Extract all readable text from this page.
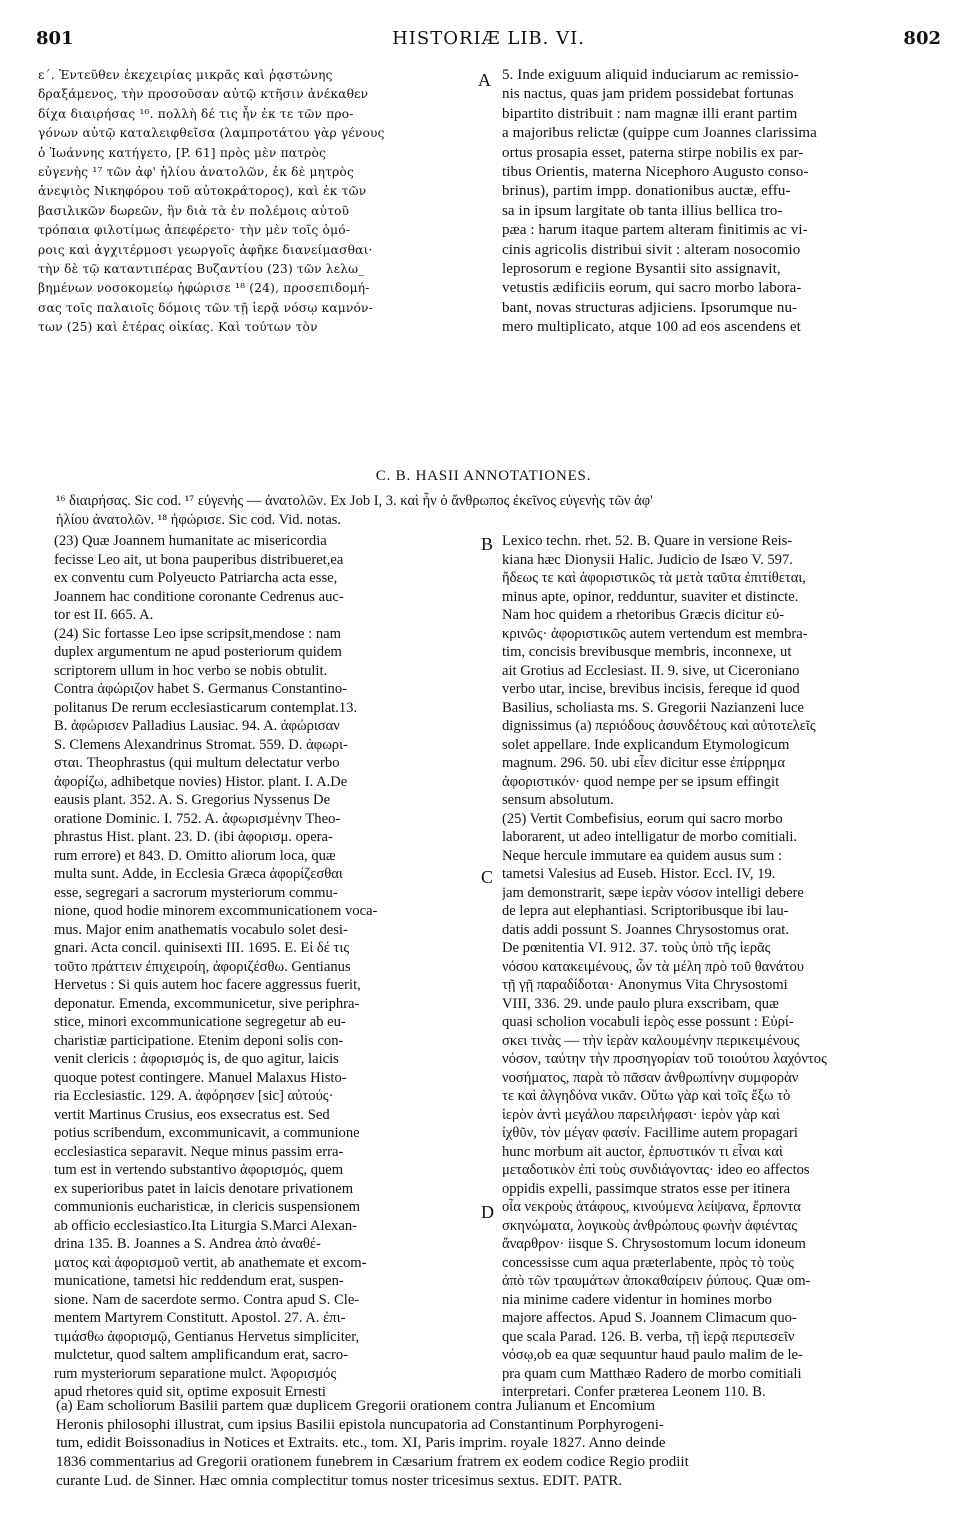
801	HISTORIÆ LIB. VI.	802
ε΄. Ἐντεῦθεν ἐκεχειρίας μικρᾶς καὶ ῥᾳστώνης
δραξάμενος, τὴν προσοῦσαν αὐτῷ κτῆσιν ἀνέκαθεν
δίχα διαιρήσας ¹⁶. πολλὴ δέ τις ἦν ἐκ τε τῶν προ-
γόνων αὐτῷ καταλειφθεῖσα (λαμπροτάτου γὰρ γένους
ὁ Ἰωάννης κατήγετο, [P. 61] πρὸς μὲν πατρὸς
εὐγενὴς ¹⁷ τῶν ἀφ' ἡλίου ἀνατολῶν, ἐκ δὲ μητρὸς
ἀνεψιὸς Νικηφόρου τοῦ αὐτοκράτορος), καὶ ἐκ τῶν
βασιλικῶν δωρεῶν, ἣν διὰ τὰ ἐν πολέμοις αὐτοῦ
τρόπαια φιλοτίμως ἀπεφέρετο· τὴν μὲν τοῖς ὁμό-
ροις καὶ ἀγχιτέρμοσι γεωργοῖς ἀφῆκε διανείμασθαι·
τὴν δὲ τῷ καταντιπέρας Βυζαντίου (23) τῶν λελω_
βημένων νοσοκομείῳ ἠφώρισε ¹⁸ (24), προσεπιδομή-
σας τοῖς παλαιοῖς δόμοις τῶν τῇ ἱερᾷ νόσῳ καμνόν-
των (25) καὶ ἑτέρας οἰκίας. Καὶ τούτων τὸν
5. Inde exiguum aliquid induciarum ac remissio-
nis nactus, quas jam pridem possidebat fortunas
bipartito distribuit : nam magnæ illi erant partim
a majoribus relictæ (quippe cum Joannes clarissima
ortus prosapia esset, paterna stirpe nobilis ex par-
tibus Orientis, materna Nicephoro Augusto conso-
brinus), partim impp. donationibus auctæ, effu-
sa in ipsum largitate ob tanta illius bellica tro-
pæa : harum itaque partem alteram finitimis ac vi-
cinis agricolis distribui sivit : alteram nosocomio
leprosorum e regione Bysantii sito assignavit,
vetustis ædificiis eorum, qui sacro morbo labora-
bant, novas structuras adjiciens. Ipsorumque nu-
mero multiplicato, atque 100 ad eos ascendens et
A
C. B. HASII ANNOTATIONES.
¹⁶ διαιρήσας. Sic cod. ¹⁷ εὐγενὴς — ἀνατολῶν. Ex Job I, 3. καὶ ἦν ὁ ἄνθρωπος ἐκεῖνος εὐγενὴς τῶν ἀφ'
ἡλίου ἀνατολῶν. ¹⁸ ἠφώρισε. Sic cod. Vid. notas.
(23) Quæ Joannem humanitate ac misericordia
fecisse Leo ait, ut bona pauperibus distribueret,ea
ex conventu cum Polyeucto Patriarcha acta esse,
Joannem hac conditione coronante Cedrenus auc-
tor est II. 665. A.
(24) Sic fortasse Leo ipse scripsit,mendose : nam
duplex argumentum ne apud posteriorum quidem
scriptorem ullum in hoc verbo se nobis obtulit.
Contra ἀφώριζον habet S. Germanus Constantino-
politanus De rerum ecclesiasticarum contemplat.13.
B. ἀφώρισεν Palladius Lausiac. 94. A. ἀφώρισαν
S. Clemens Alexandrinus Stromat. 559. D. ἀφωρι-
σται. Theophrastus (qui multum delectatur verbo
ἀφορίζω, adhibetque novies) Histor. plant. I. A.De
eausis plant. 352. A. S. Gregorius Nyssenus De
oratione Dominic. I. 752. A. ἀφωρισμένην Theo-
phrastus Hist. plant. 23. D. (ibi ἀφορισμ. opera-
rum errore) et 843. D. Omitto aliorum loca, quæ
multa sunt. Adde, in Ecclesia Græca ἀφορίζεσθαι
esse, segregari a sacrorum mysteriorum commu-
nione, quod hodie minorem excommunicationem voca-
mus. Major enim anathematis vocabulo solet desi-
gnari. Acta concil. quinisexti III. 1695. E. Εἰ δέ τις
τοῦτο πράττειν ἐπιχειροίη, ἀφοριζέσθω. Gentianus
Hervetus : Si quis autem hoc facere aggressus fuerit,
deponatur. Emenda, excommunicetur, sive periphra-
stice, minori excommunicatione segregetur ab eu-
charistiæ participatione. Etenim deponi solis con-
venit clericis : ἀφορισμός is, de quo agitur, laicis
quoque potest contingere. Manuel Malaxus Histo-
ria Ecclesiastic. 129. A. ἀφόρησεν [sic] αὐτούς·
vertit Martinus Crusius, eos exsecratus est. Sed
potius scribendum, excommunicavit, a communione
ecclesiastica separavit. Neque minus passim erra-
tum est in vertendo substantivo ἀφορισμός, quem
ex superioribus patet in laicis denotare privationem
communionis eucharisticæ, in clericis suspensionem
ab officio ecclesiastico.Ita Liturgia S.Marci Alexan-
drina 135. B. Joannes a S. Andrea ἀπὸ ἀναθέ-
ματος καὶ ἀφορισμοῦ vertit, ab anathemate et excom-
municatione, tametsi hic reddendum erat, suspen-
sione. Nam de sacerdote sermo. Contra apud S. Cle-
mentem Martyrem Constitutt. Apostol. 27. A. ἐπι-
τιμάσθω ἀφορισμῷ, Gentianus Hervetus simpliciter,
mulctetur, quod saltem amplificandum erat, sacro-
rum mysteriorum separatione mulct. Ἀφορισμός
apud rhetores quid sit, optime exposuit Ernesti
Lexico techn. rhet. 52. B. Quare in versione Reis-
kiana hæc Dionysii Halic. Judicio de Isæo V. 597.
ἤδεως τε καὶ ἀφοριστικῶς τὰ μετὰ ταῦτα ἐπιτίθεται,
minus apte, opinor, redduntur, suaviter et distincte.
Nam hoc quidem a rhetoribus Græcis dicitur εὐ-
κρινῶς· ἀφοριστικῶς autem vertendum est membra-
tim, concisis brevibusque membris, inconnexe, ut
ait Grotius ad Ecclesiast. II. 9. sive, ut Ciceroniano
verbo utar, incise, brevibus incisis, fereque id quod
Basilius, scholiasta ms. S. Gregorii Nazianzeni luce
dignissimus (a) περιόδους ἀσυνδέτους καὶ αὐτοτελεῖς
solet appellare. Inde explicandum Etymologicum
magnum. 296. 50. ubi εἶεν dicitur esse ἐπίρρημα
ἀφοριστικόν· quod nempe per se ipsum effingit
sensum absolutum.
(25) Vertit Combefisius, eorum qui sacro morbo
laborarent, ut adeo intelligatur de morbo comitiali.
Neque hercule immutare ea quidem ausus sum :
tametsi Valesius ad Euseb. Histor. Eccl. IV, 19.
jam demonstrarit, sæpe ἱερὰν νόσον intelligi debere
de lepra aut elephantiasi. Scriptoribusque ibi lau-
datis addi possunt S. Joannes Chrysostomus orat.
De pœnitentia VI. 912. 37. τοὺς ὑπὸ τῆς ἱερᾶς
νόσου κατακειμένους, ὧν τὰ μέλη πρὸ τοῦ θανάτου
τῇ γῇ παραδίδοται· Anonymus Vita Chrysostomi
VIII, 336. 29. unde paulo plura exscribam, quæ
quasi scholion vocabuli ἱερὸς esse possunt : Εὐρί-
σκει τινὰς — τὴν ἱερὰν καλουμένην περικειμένους
νόσον, ταύτην τὴν προσηγορίαν τοῦ τοιούτου λαχόντος
νοσήματος, παρὰ τὸ πᾶσαν ἀνθρωπίνην συμφορὰν
τε καὶ ἀλγηδόνα νικᾶν. Οὕτω γὰρ καὶ τοῖς ἔξω τὸ
ἱερὸν ἀντὶ μεγάλου παρειλήφασι· ἱερὸν γὰρ καὶ
ἰχθῦν, τὸν μέγαν φασίν. Facillime autem propagari
hunc morbum ait auctor, ἑρπυστικόν τι εἶναι καὶ
μεταδοτικὸν ἐπὶ τοὺς συνδιάγοντας· ideo eo affectos
oppidis expelli, passimque stratos esse per itinera
οἷα νεκροὺς ἀτάφους, κινούμενα λείψανα, ἕρποντα
σκηνώματα, λογικοὺς ἀνθρώπους φωνὴν ἀφιέντας
ἄναρθρον· iisque S. Chrysostomum locum idoneum
concessisse cum aqua præterlabente, πρὸς τὸ τοὺς
ἀπὸ τῶν τραυμάτων ἀποκαθαίρειν ῥύπους. Quæ om-
nia minime cadere videntur in homines morbo
majore affectos. Apud S. Joannem Climacum quo-
que scala Parad. 126. B. verba, τῇ ἱερᾷ περιπεσεῖν
νόσῳ,ob ea quæ sequuntur haud paulo malim de le-
pra quam cum Matthæo Radero de morbo comitiali
interpretari. Confer præterea Leonem 110. B.
B
C
D
(a) Eam scholiorum Basilii partem quæ duplicem Gregorii orationem contra Julianum et Encomium
Heronis philosophi illustrat, cum ipsius Basilii epistola nuncupatoria ad Constantinum Porphyrogeni-
tum, edidit Boissonadius in Notices et Extraits. etc., tom. XI, Paris imprim. royale 1827. Anno deinde
1836 commentarius ad Gregorii orationem funebrem in Cæsarium fratrem ex eodem codice Regio prodiit
curante Lud. de Sinner. Hæc omnia complectitur tomus noster tricesimus sextus. EDIT. PATR.
